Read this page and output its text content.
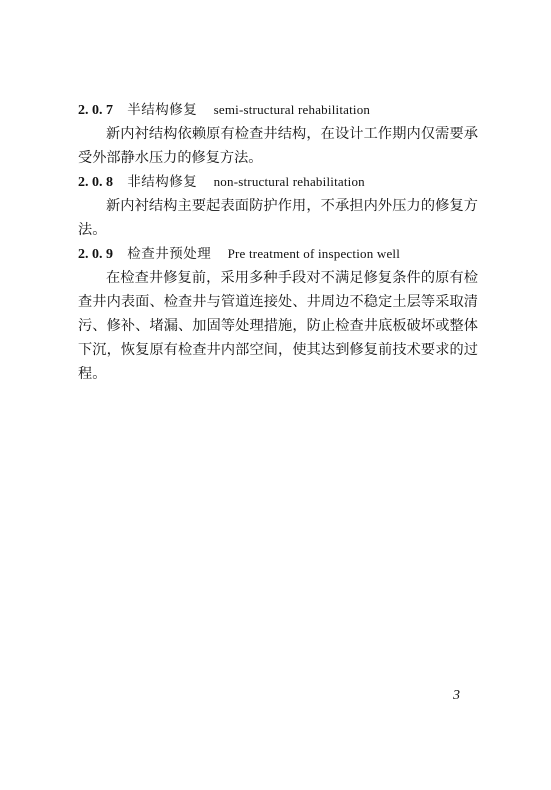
2. 0. 7 半结构修复 semi-structural rehabilitation
新内衬结构依赖原有检查井结构，在设计工作期内仅需要承受外部静水压力的修复方法。
2. 0. 8 非结构修复 non-structural rehabilitation
新内衬结构主要起表面防护作用，不承担内外压力的修复方法。
2. 0. 9 检查井预处理 Pre treatment of inspection well
在检查井修复前，采用多种手段对不满足修复条件的原有检查井内表面、检查井与管道连接处、井周边不稳定土层等采取清污、修补、堵漏、加固等处理措施，防止检查井底板破坏或整体下沉，恢复原有检查井内部空间，使其达到修复前技术要求的过程。
3
